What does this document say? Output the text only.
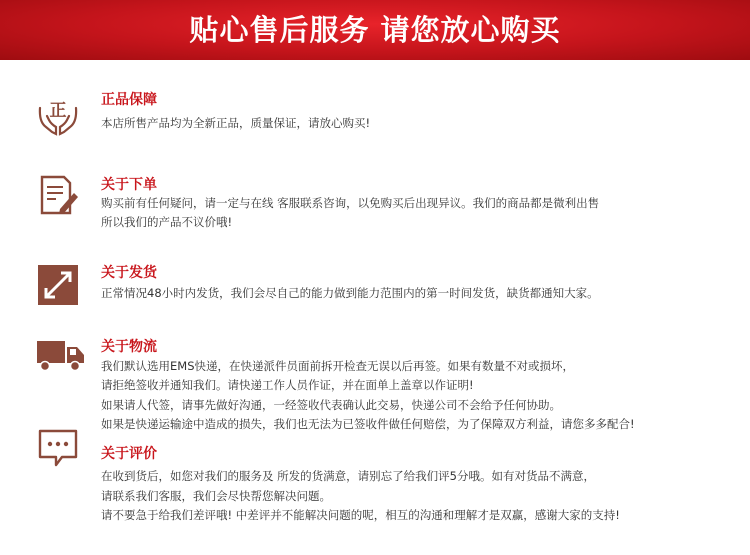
贴心售后服务 请您放心购买
正
正品保障
本店所售产品均为全新正品，质量保证，请放心购买!
关于下单
购买前有任何疑问，请一定与在线 客服联系咨询，以免购买后出现异议。我们的商品都是微利出售
所以我们的产品不议价哦!
关于发货
正常情况48小时内发货，我们会尽自己的能力做到能力范围内的第一时间发货，缺货都通知大家。
关于物流
我们默认选用EMS快递，在快递派件员面前拆开检查无误以后再签。如果有数量不对或损坏，
请拒绝签收并通知我们。请快递工作人员作证，并在面单上盖章以作证明!
如果请人代签，请事先做好沟通，一经签收代表确认此交易，快递公司不会给予任何协助。
如果是快递运输途中造成的损失，我们也无法为已签收件做任何赔偿，为了保障双方利益，请您多多配合!
关于评价
在收到货后，如您对我们的服务及 所发的货满意，请别忘了给我们评5分哦。如有对货品不满意，
请联系我们客服，我们会尽快帮您解决问题。
请不要急于给我们差评哦! 中差评并不能解决问题的呢，相互的沟通和理解才是双赢，感谢大家的支持!
